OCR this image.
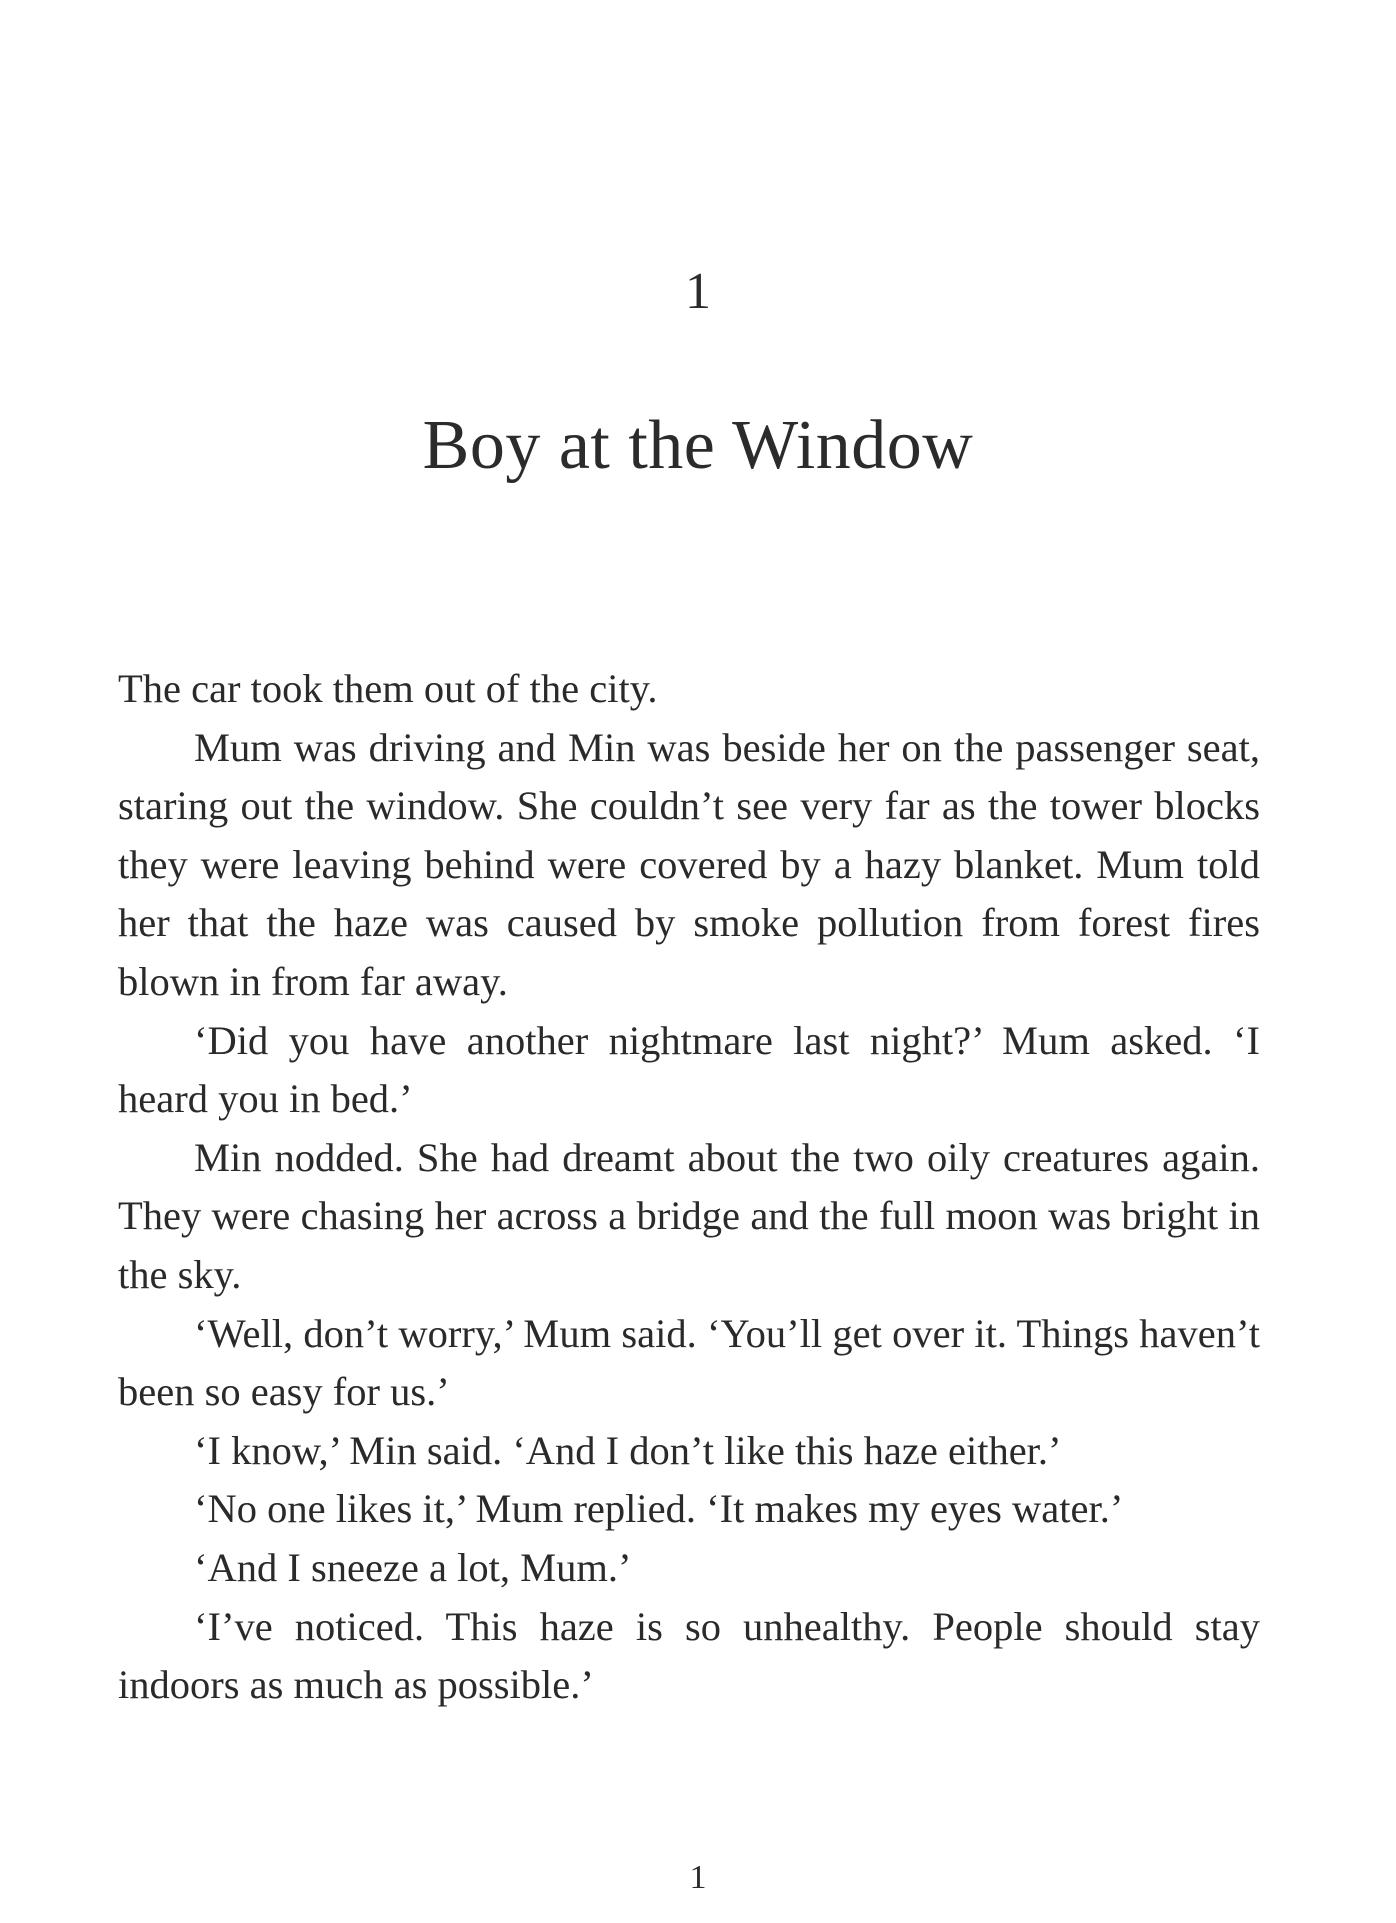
1
Boy at the Window

The car took them out of the city.

Mum was driving and Min was beside her on the passenger seat, staring out the window. She couldn’t see very far as the tower blocks they were leaving behind were covered by a hazy blanket. Mum told her that the haze was caused by smoke pollution from forest fires blown in from far away.

‘Did you have another nightmare last night?’ Mum asked. ‘I heard you in bed.’

Min nodded. She had dreamt about the two oily creatures again. They were chasing her across a bridge and the full moon was bright in the sky.

‘Well, don’t worry,’ Mum said. ‘You’ll get over it. Things haven’t been so easy for us.’

‘I know,’ Min said. ‘And I don’t like this haze either.’

‘No one likes it,’ Mum replied. ‘It makes my eyes water.’

‘And I sneeze a lot, Mum.’

‘I’ve noticed. This haze is so unhealthy. People should stay indoors as much as possible.’

1
